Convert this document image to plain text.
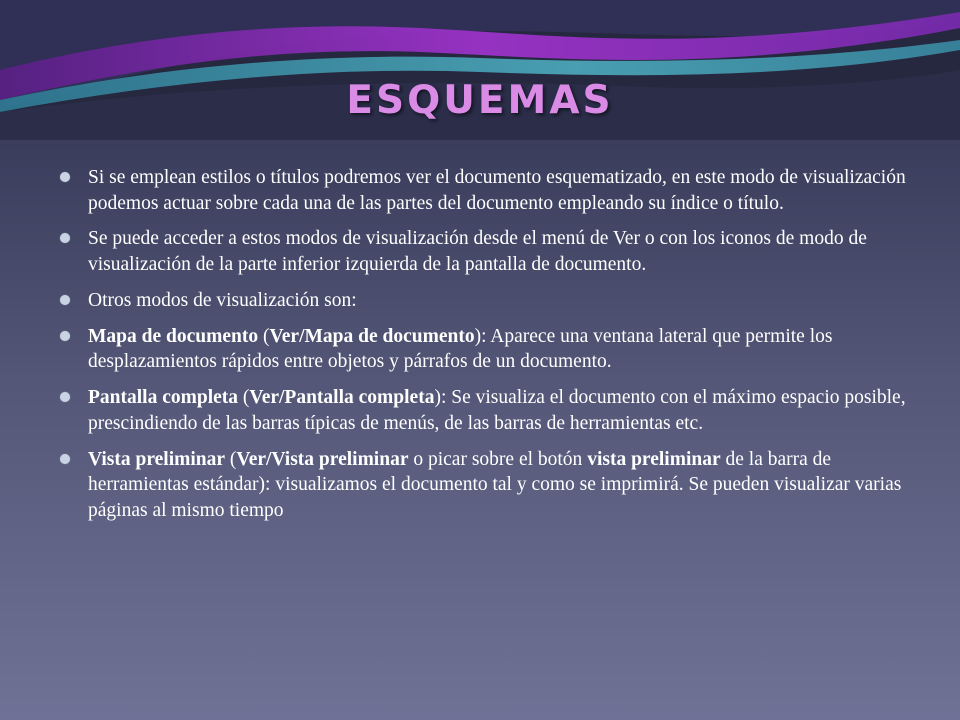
esquemas
Si se emplean estilos o títulos podremos ver el documento esquematizado, en este modo de visualización podemos actuar sobre cada una de las partes del documento empleando su índice o título.
Se puede acceder a estos modos de visualización desde el menú de Ver o con los iconos de modo de visualización de la parte inferior izquierda de la pantalla de documento.
Otros modos de visualización son:
Mapa de documento (Ver/Mapa de documento): Aparece una ventana lateral que permite los desplazamientos rápidos entre objetos y párrafos de un documento.
Pantalla completa (Ver/Pantalla completa): Se visualiza el documento con el máximo espacio posible, prescindiendo de las barras típicas de menús, de las barras de herramientas etc.
Vista preliminar (Ver/Vista preliminar o picar sobre el botón vista preliminar de la barra de herramientas estándar): visualizamos el documento tal y como se imprimirá. Se pueden visualizar varias páginas al mismo tiempo
